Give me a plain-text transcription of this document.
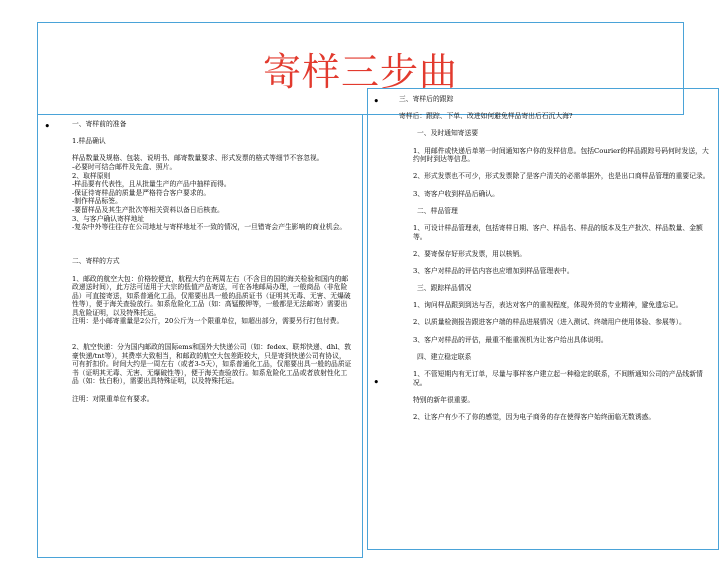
寄样三步曲
•
•
•

一、寄样前的准备

1.样品确认

样品数量及规格、包装、说明书、邮寄数量要求、形式发票的格式等细节不容忽视。

-必要时可结合邮件及先盒、照片。

2、取样原则

-样品要有代表性，且从批量生产的产品中抽样而得。

-保证待寄样品的质量是严格符合客户要求的。

-制作样品标签。

-要留样品及其生产批次等相关资料以备日后核查。

3、与客户确认寄样地址

-复杂中外等往往存在公司地址与寄样地址不一致的情况，一旦错寄会产生影响的商业机会。

二、寄样的方式

1、邮政的航空大包：价格较便宜，航程大约在两周左右（不含目的国的海关检验和国内的邮政递送时间），此方法可适用于大宗的低值产品寄送，可在各地邮局办理，一般商品（非危险品）可直接寄送，如系普通化工品，仅需要出具一般的品质证书（证明其无毒、无害、无爆破性等），便于海关查验放行。如系危险化工品（如：高锰酸钾等，一般都是无法邮寄）需要出具危险证明，以及特殊托运。

注明：是小邮寄重量是2公斤，20公斤为一个限重单位，如超出部分，需要另行打包付费。

2、航空快递：分为国内邮政的国际ems和国外大快递公司（如：fedex、联邦快递、dhl、敦豪快递/tnt等），其费率大致相当，和邮政的航空大包差距较大，只是寄到快递公司有协议，可有折扣价。时间大约是一周左右（或者3-5天），如系普通化工品，仅需要出具一般的品质证书（证明其无毒、无害、无爆破性等），便于海关查验放行。如系危险化工品或者放射性化工品（如：钛白粉），需要出具特殊证明，以及特殊托运。

注明：对限重单位有要求。

三、寄样后的跟踪

寄样后：跟踪、下单、改进如何避免样品寄出后石沉大海?

一、及时通知寄送要

1、用邮件或快递后单第一时间通知客户你的发样信息。包括Courier的样品跟踪号码何时发送，大约何时到达等信息。

2、形式发票也不可少，形式发票除了是客户清关的必需单据外，也是出口商样品管理的重要记录。

3、寄客户收到样品后确认。

二、样品管理

1、可设计样品管理表，包括寄样日期、客户、样品名、样品的版本及生产批次、样品数量、金额等。

2、要寄保存好形式发票，用以核销。

3、客户对样品的评估内容也应增加到样品管理表中。

三、跟踪样品情况

1、询问样品跟到到达与否，表达对客户的重视程度，体现外贸的专业精神，避免遗忘记。

2、以质量检测报告跟进客户端的样品进展情况（进入测试、终端用户使用体验、参展等）。

3、客户对样品的评估，最重不能重视机为让客户给出具体说明。

四、建立稳定联系

1、不管短期内有无订单，尽量与事样客户建立起一种稳定的联系，不间断通知公司的产品线新情况。

特别的新年很重要。

2、让客户有少不了你的感觉，因为电子商务的存在使得客户始终面临无数诱惑。
